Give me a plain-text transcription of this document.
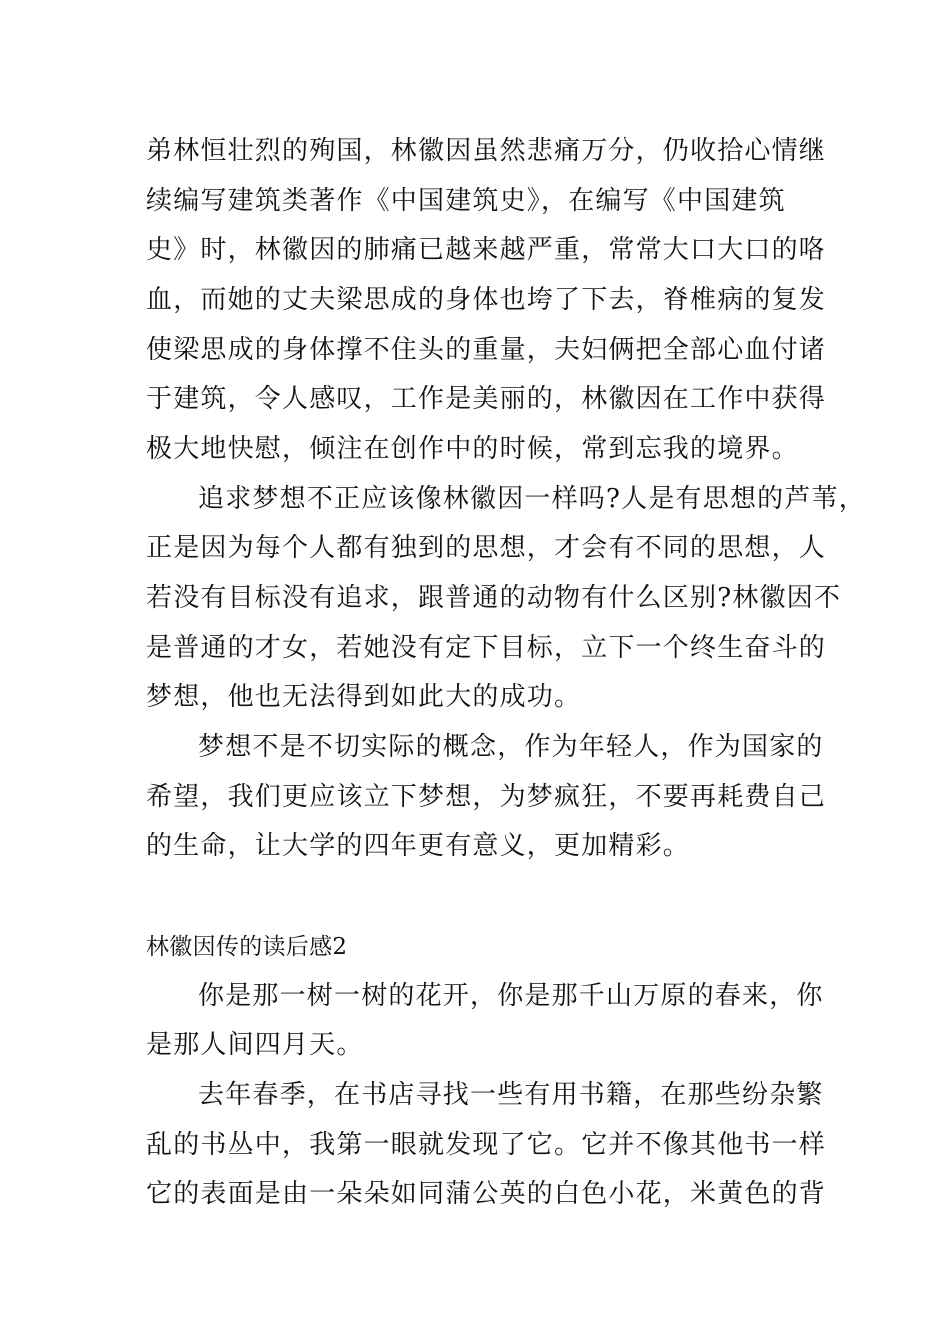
弟林恒壮烈的殉国，林徽因虽然悲痛万分，仍收拾心情继
续编写建筑类著作《中国建筑史》，在编写《中国建筑
史》时，林徽因的肺痛已越来越严重，常常大口大口的咯
血，而她的丈夫梁思成的身体也垮了下去，脊椎病的复发
使梁思成的身体撑不住头的重量，夫妇俩把全部心血付诸
于建筑，令人感叹，工作是美丽的，林徽因在工作中获得
极大地快慰，倾注在创作中的时候，常到忘我的境界。
追求梦想不正应该像林徽因一样吗?人是有思想的芦苇，
正是因为每个人都有独到的思想，才会有不同的思想，人
若没有目标没有追求，跟普通的动物有什么区别?林徽因不
是普通的才女，若她没有定下目标，立下一个终生奋斗的
梦想，他也无法得到如此大的成功。
梦想不是不切实际的概念，作为年轻人，作为国家的
希望，我们更应该立下梦想，为梦疯狂，不要再耗费自己
的生命，让大学的四年更有意义，更加精彩。
林徽因传的读后感2
你是那一树一树的花开，你是那千山万原的春来，你
是那人间四月天。
去年春季，在书店寻找一些有用书籍，在那些纷杂繁
乱的书丛中，我第一眼就发现了它。它并不像其他书一样
它的表面是由一朵朵如同蒲公英的白色小花，米黄色的背
